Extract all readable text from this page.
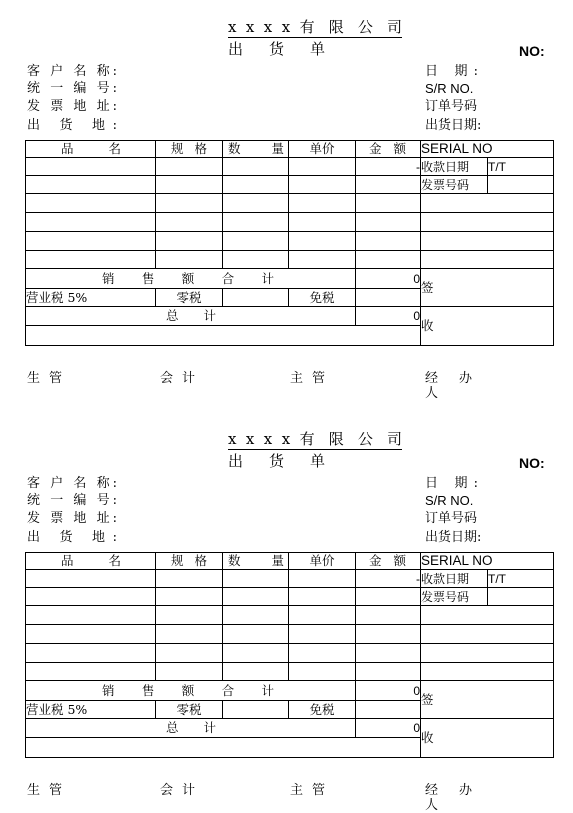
x x x x 有 限 公 司
出 货 单	NO:
客 户 名 称:
统 一 编 号:
发 票 地 址:
出 货 地:
日 期:
S/R NO.
订单号码
出货日期:
品 名	规 格	数 量	单价	金 额	SERIAL NO	
				-	收款日期	T/T
					发票号码	

销 售 额 合 计				0	签	
营业税 5%	零税		免税			

总 计				0	收	

生 管	会 计	主 管	经 办 人
x x x x 有 限 公 司
出 货 单	NO:
客 户 名 称:
统 一 编 号:
发 票 地 址:
出 货 地:
日 期:
S/R NO.
订单号码
出货日期:
品 名	规 格	数 量	单价	金 额	SERIAL NO	
				-	收款日期	T/T
					发票号码	

销 售 额 合 计				0	签	
营业税 5%	零税		免税			

总 计				0	收	

生 管	会 计	主 管	经 办 人
